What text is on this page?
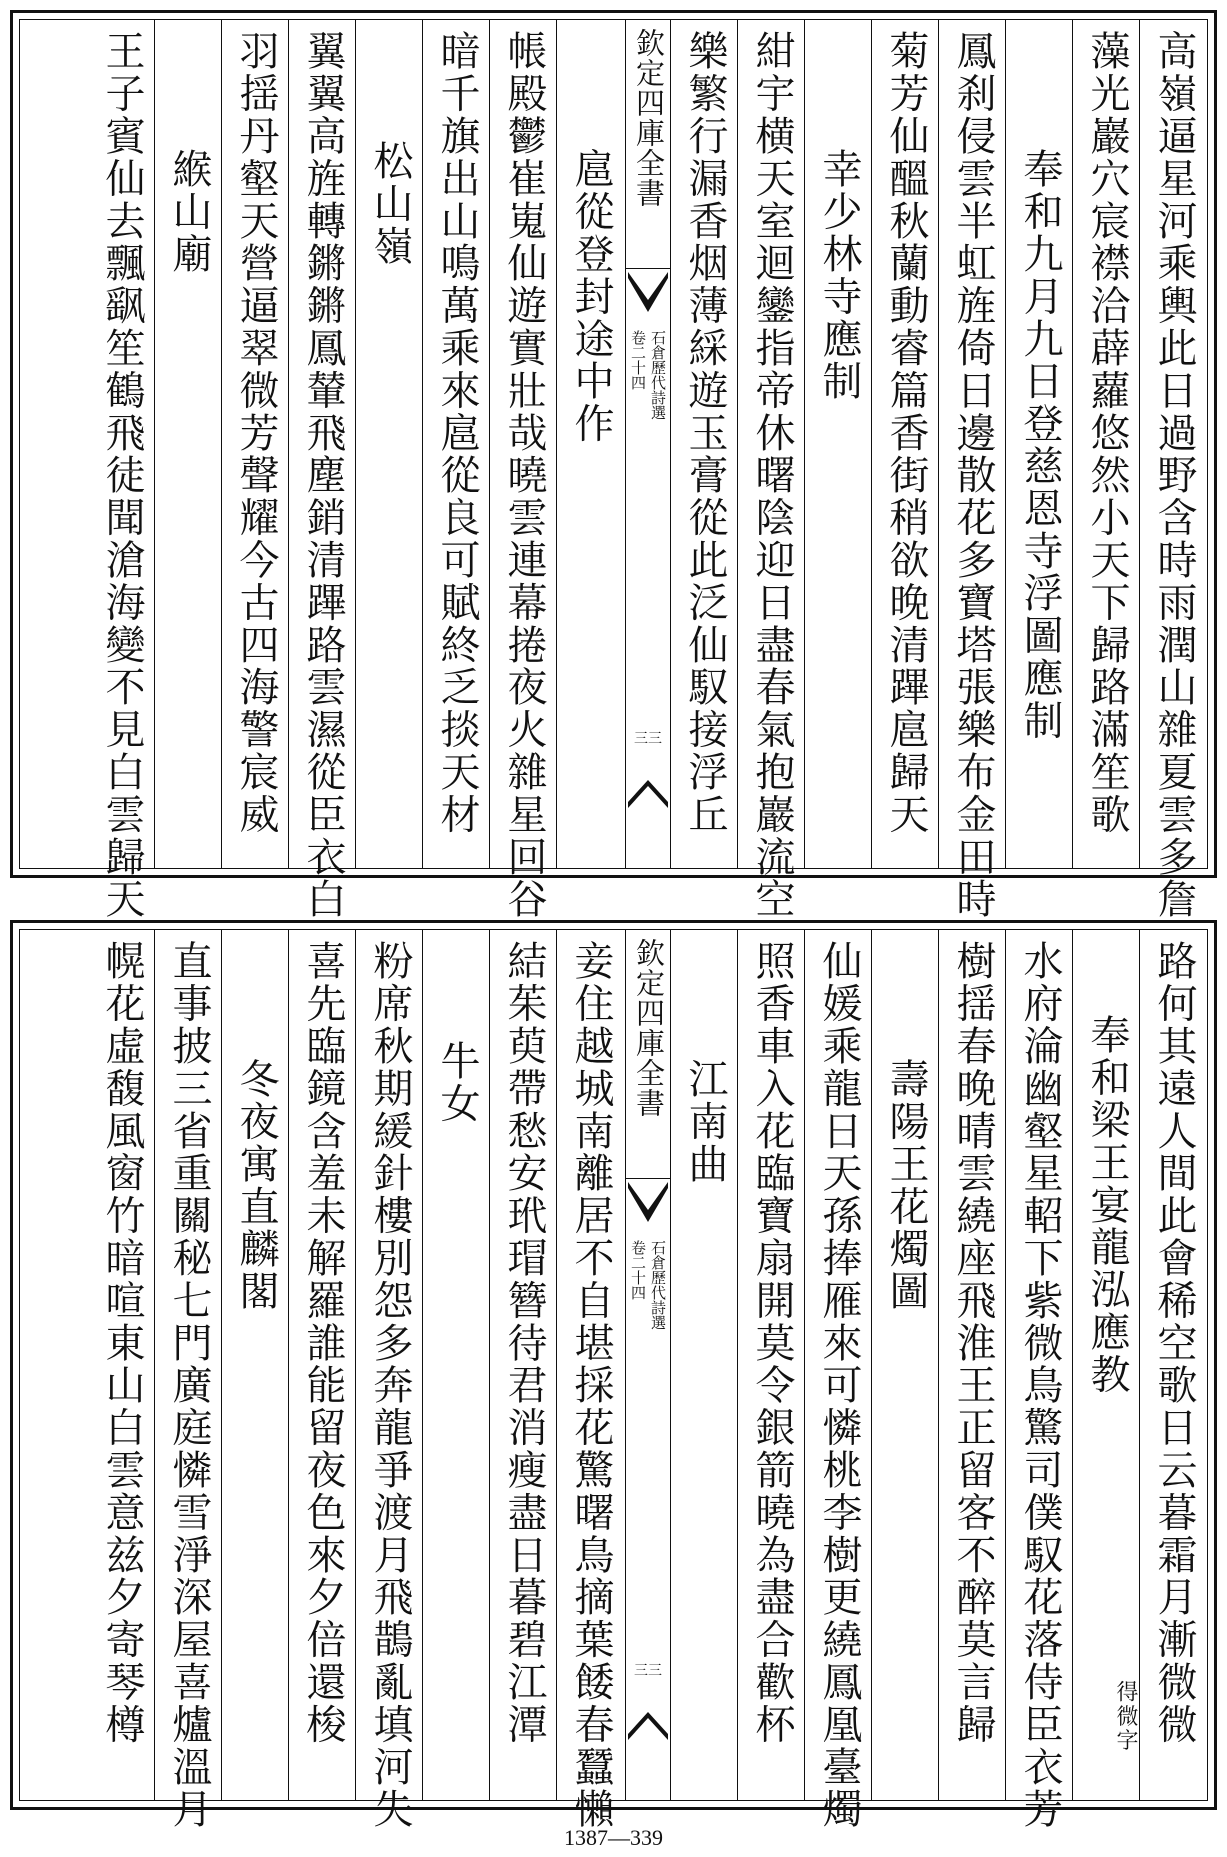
高嶺逼星河乘輿此日過野含時雨潤山雜夏雲多詹
藻光巖穴宸襟洽薜蘿悠然小天下歸路滿笙歌
奉和九月九日登慈恩寺浮圖應制
鳳刹侵雲半虹旌倚日邊散花多寶塔張樂布金田時
菊芳仙醞秋蘭動睿篇香街稍欲晚清蹕扈歸天
幸少林寺應制
紺宇横天室迴鑾指帝休曙陰迎日盡春氣抱巖流空
樂繁行漏香烟薄綵遊玉膏從此泛仙馭接浮丘
欽定四庫全書
石倉歷代詩選
卷二十四
三三
扈從登封途中作
帳殿鬱崔嵬仙遊實壯哉曉雲連幕捲夜火雜星回谷
暗千旗出山鳴萬乘來扈從良可賦終乏掞天材
松山嶺
翼翼高旌轉鏘鏘鳳輦飛塵銷清蹕路雲濕從臣衣白
羽揺丹壑天營逼翠微芳聲耀今古四海警宸威
緱山廟
王子賓仙去飄飖笙鶴飛徒聞滄海變不見白雲歸天
路何其遠人間此會稀空歌日云暮霜月漸微微
奉和梁王宴龍泓應教
得微字
水府淪幽壑星軺下紫微鳥驚司僕馭花落侍臣衣芳
樹揺春晚晴雲繞座飛淮王正留客不醉莫言歸
壽陽王花燭圖
仙媛乘龍日天孫捧雁來可憐桃李樹更繞鳳凰臺燭
照香車入花臨寶扇開莫令銀箭曉為盡合歡杯
江南曲
欽定四庫全書
石倉歷代詩選
卷二十四
三三
妾住越城南離居不自堪採花驚曙鳥摘葉餧春蠶懶
結茱萸帶愁安玳瑁簪待君消瘦盡日暮碧江潭
牛女
粉席秋期緩針樓別怨多奔龍爭渡月飛鵲亂填河失
喜先臨鏡含羞未解羅誰能留夜色來夕倍還梭
冬夜寓直麟閣
直事披三省重關秘七門廣庭憐雪淨深屋喜爐溫月
幌花虛馥風窗竹暗喧東山白雲意兹夕寄琴樽
1387—339
